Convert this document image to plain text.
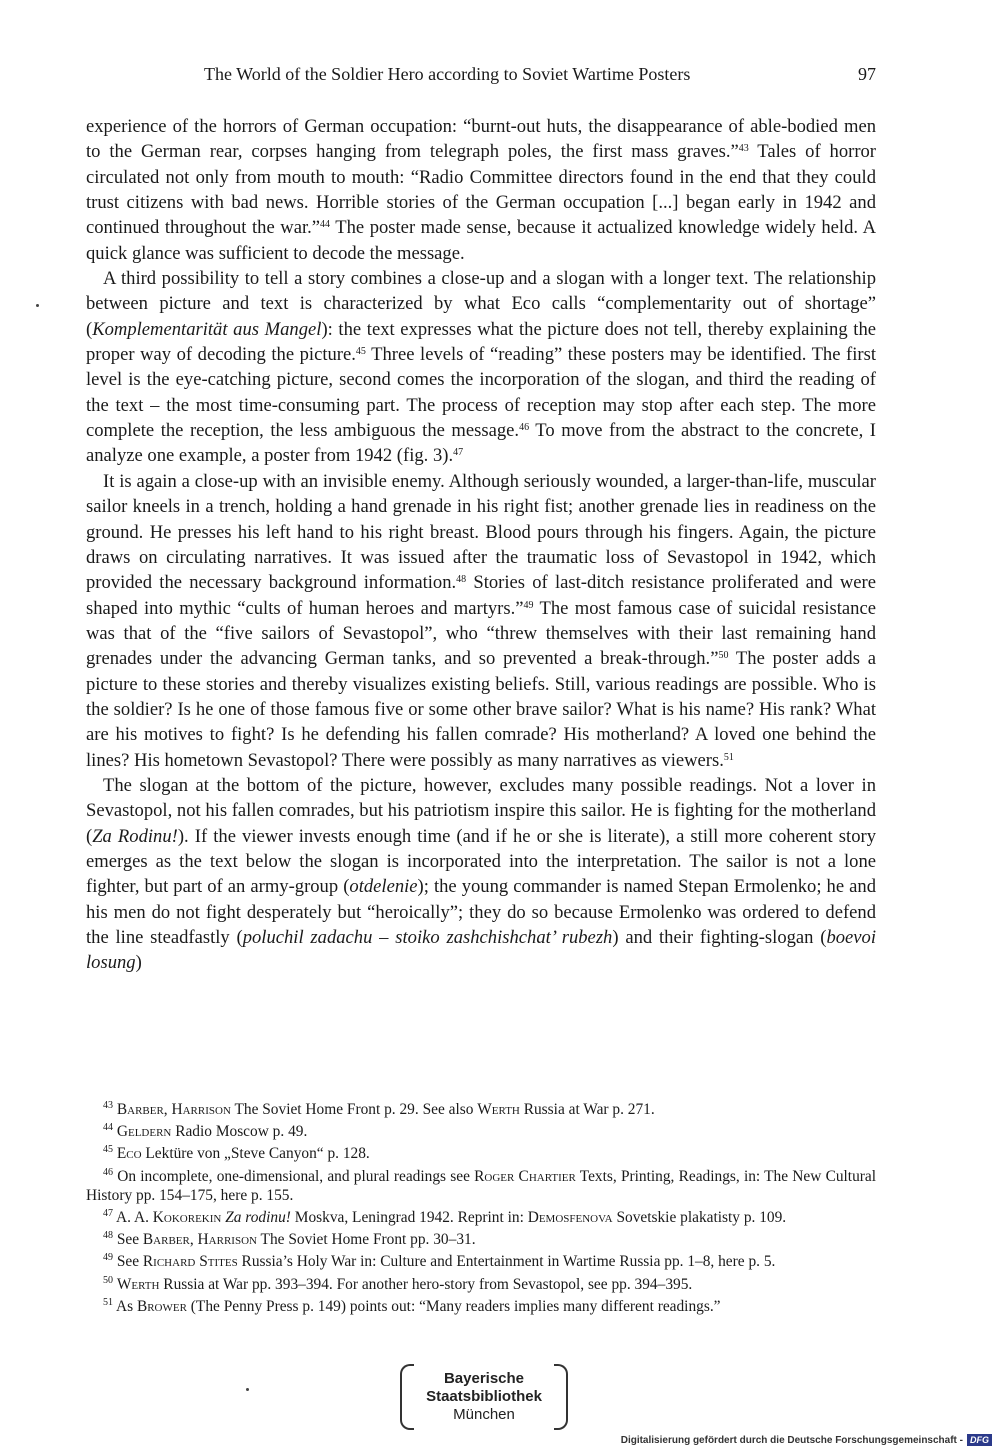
The World of the Soldier Hero according to Soviet Wartime Posters	97

experience of the horrors of German occupation: “burnt-out huts, the disappearance of able-bodied men to the German rear, corpses hanging from telegraph poles, the first mass graves.”$^{43}$ Tales of horror circulated not only from mouth to mouth: “Radio Committee directors found in the end that they could trust citizens with bad news. Horrible stories of the German occupation [...] began early in 1942 and continued throughout the war.”$^{44}$ The poster made sense, because it actualized knowledge widely held. A quick glance was sufficient to decode the message.

A third possibility to tell a story combines a close-up and a slogan with a longer text. The relationship between picture and text is characterized by what Eco calls “complementarity out of shortage” (Komplementarität aus Mangel): the text expresses what the picture does not tell, thereby explaining the proper way of decoding the picture.$^{45}$ Three levels of “reading” these posters may be identified. The first level is the eye-catching picture, second comes the incorporation of the slogan, and third the reading of the text – the most time-consuming part. The process of reception may stop after each step. The more complete the reception, the less ambiguous the message.$^{46}$ To move from the abstract to the concrete, I analyze one example, a poster from 1942 (fig. 3).$^{47}$

It is again a close-up with an invisible enemy. Although seriously wounded, a larger-than-life, muscular sailor kneels in a trench, holding a hand grenade in his right fist; another grenade lies in readiness on the ground. He presses his left hand to his right breast. Blood pours through his fingers. Again, the picture draws on circulating narratives. It was issued after the traumatic loss of Sevastopol in 1942, which provided the necessary background information.$^{48}$ Stories of last-ditch resistance proliferated and were shaped into mythic “cults of human heroes and martyrs.”$^{49}$ The most famous case of suicidal resistance was that of the “five sailors of Sevastopol”, who “threw themselves with their last remaining hand grenades under the advancing German tanks, and so prevented a break-through.”$^{50}$ The poster adds a picture to these stories and thereby visualizes existing beliefs. Still, various readings are possible. Who is the soldier? Is he one of those famous five or some other brave sailor? What is his name? His rank? What are his motives to fight? Is he defending his fallen comrade? His motherland? A loved one behind the lines? His hometown Sevastopol? There were possibly as many narratives as viewers.$^{51}$

The slogan at the bottom of the picture, however, excludes many possible readings. Not a lover in Sevastopol, not his fallen comrades, but his patriotism inspire this sailor. He is fighting for the motherland (Za Rodinu!). If the viewer invests enough time (and if he or she is literate), a still more coherent story emerges as the text below the slogan is incorporated into the interpretation. The sailor is not a lone fighter, but part of an army-group (otdelenie); the young commander is named Stepan Ermolenko; he and his men do not fight desperately but “heroically”; they do so because Ermolenko was ordered to defend the line steadfastly (poluchil zadachu – stoiko zashchishchat’ rubezh) and their fighting-slogan (boevoi losung)

$^{43}$ Barber, Harrison The Soviet Home Front p. 29. See also Werth Russia at War p. 271.

$^{44}$ Geldern Radio Moscow p. 49.

$^{45}$ Eco Lektüre von „Steve Canyon“ p. 128.

$^{46}$ On incomplete, one-dimensional, and plural readings see Roger Chartier Texts, Printing, Readings, in: The New Cultural History pp. 154–175, here p. 155.

$^{47}$ A. A. Kokorekin Za rodinu! Moskva, Leningrad 1942. Reprint in: Demosfenova Sovetskie plakatisty p. 109.

$^{48}$ See Barber, Harrison The Soviet Home Front pp. 30–31.

$^{49}$ See Richard Stites Russia’s Holy War in: Culture and Entertainment in Wartime Russia pp. 1–8, here p. 5.

$^{50}$ Werth Russia at War pp. 393–394. For another hero-story from Sevastopol, see pp. 394–395.

$^{51}$ As Brower (The Penny Press p. 149) points out: “Many readers implies many different readings.”

Bayerische
Staatsbibliothek
München
Digitalisierung gefördert durch die Deutsche Forschungsgemeinschaft - DFG
